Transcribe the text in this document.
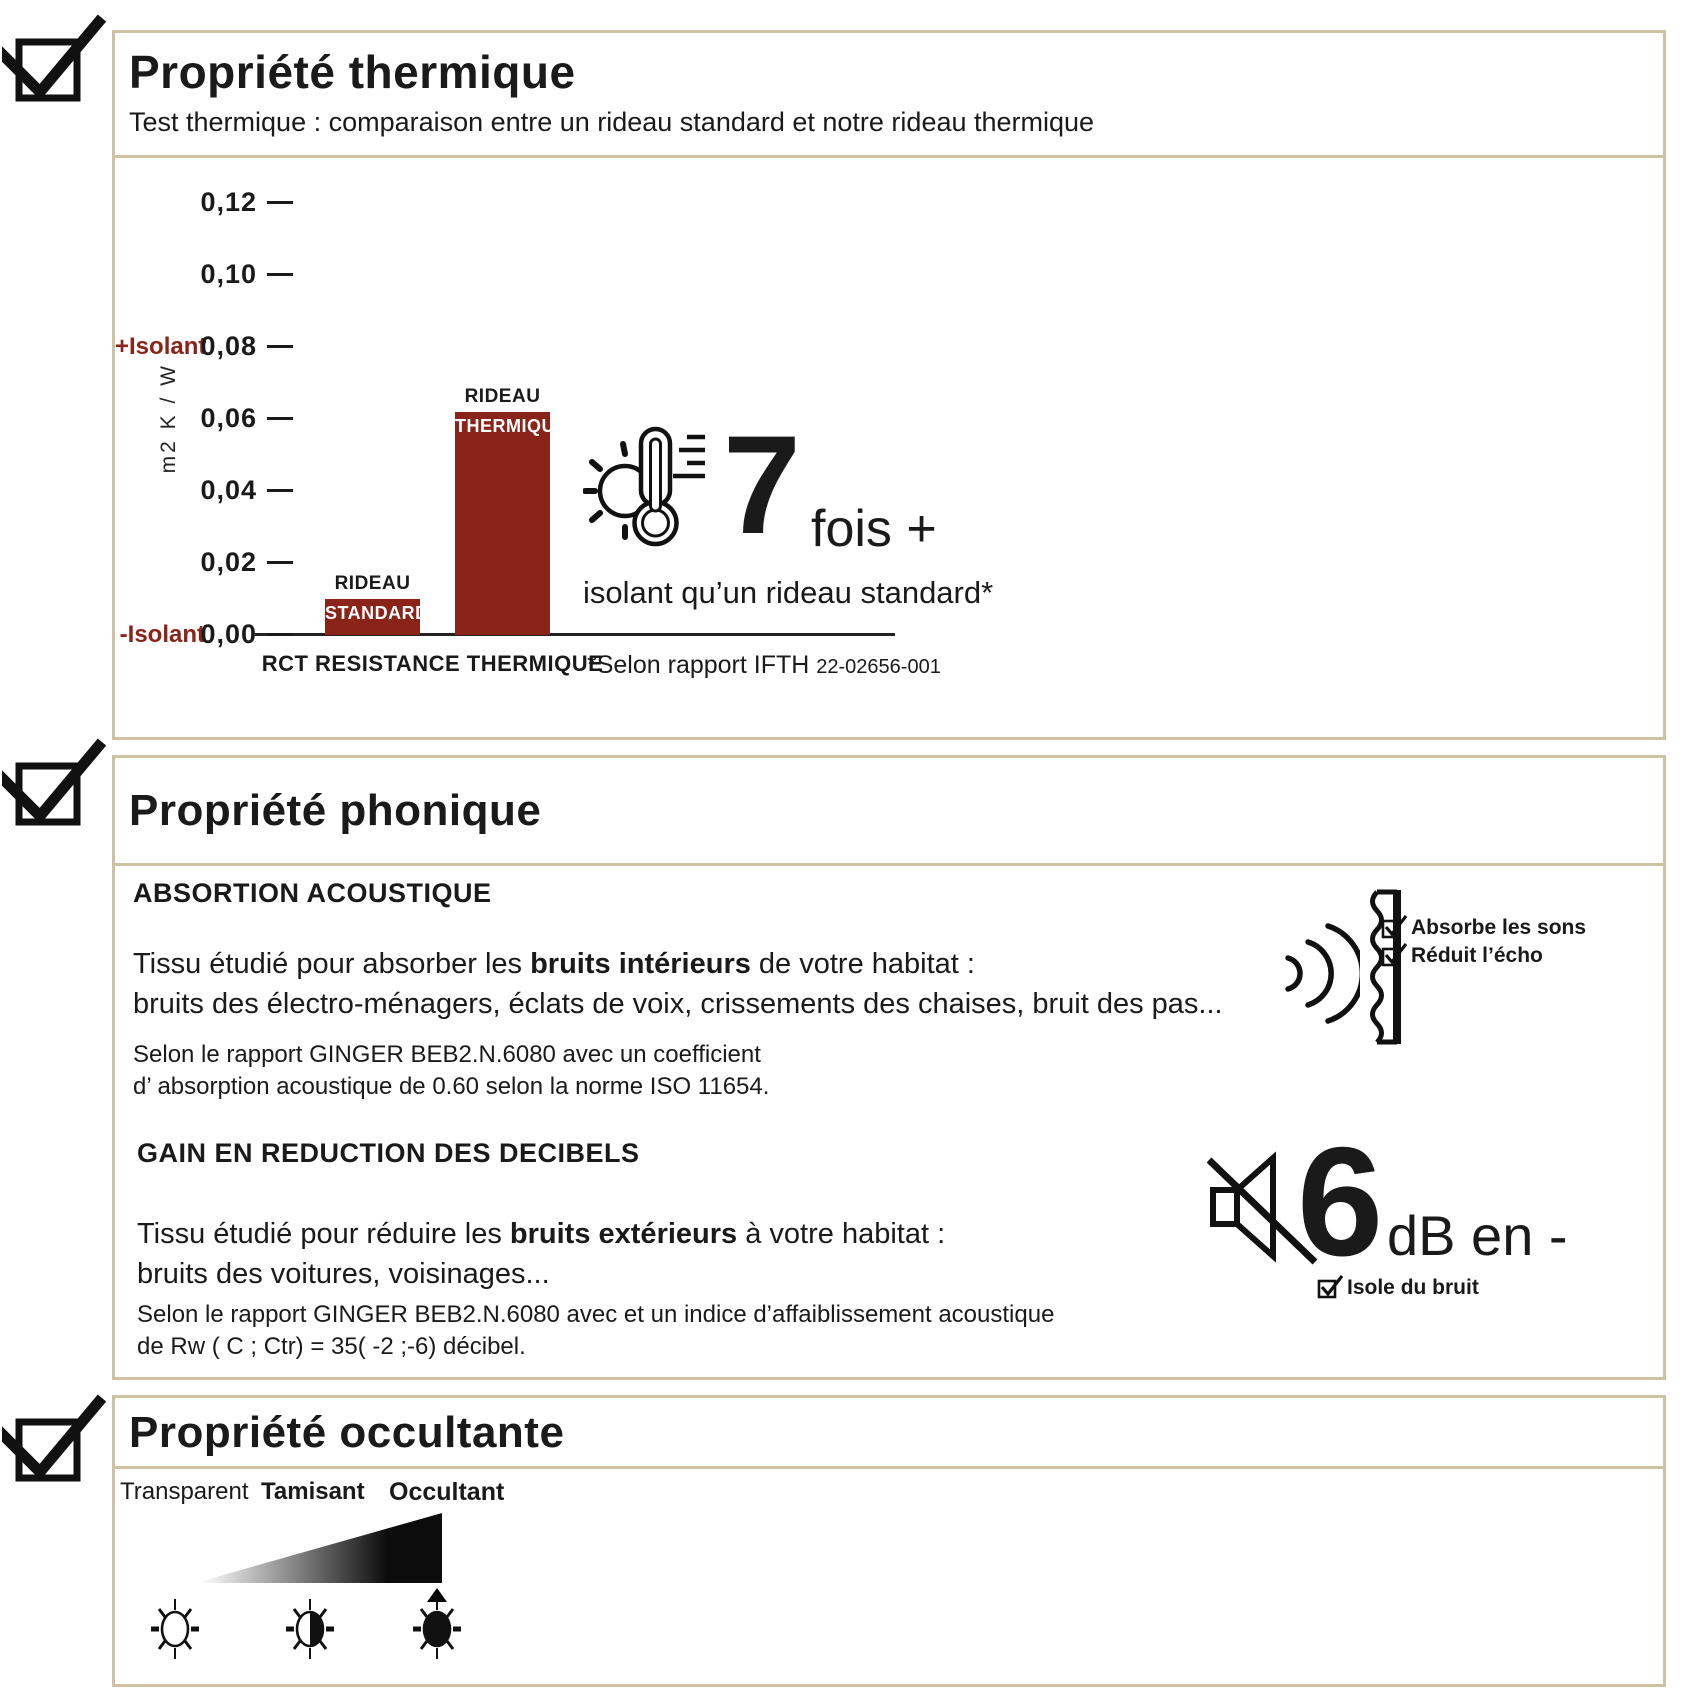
Propriété thermique
Test thermique : comparaison entre un rideau standard et notre rideau thermique
m2 K / W
+Isolant
-Isolant
RCT RESISTANCE THERMIQUE
*Selon rapport IFTH 22-02656-001
7 fois +
isolant qu’un rideau standard*
0,00
0,02
0,04
0,06
0,08
0,10
0,12
STANDARD
RIDEAU
THERMIQUE
RIDEAU
Propriété phonique
ABSORTION ACOUSTIQUE
Tissu étudié pour absorber les bruits intérieurs de votre habitat :
bruits des électro-ménagers, éclats de voix, crissements des chaises, bruit des pas...
Selon le rapport GINGER BEB2.N.6080 avec un coefficient
d’ absorption acoustique de 0.60 selon la norme ISO 11654.
Absorbe les sons
Réduit l’écho
GAIN EN REDUCTION DES DECIBELS
Tissu étudié pour réduire les bruits extérieurs à votre habitat :
bruits des voitures, voisinages...
Selon le rapport GINGER BEB2.N.6080 avec et un indice d’affaiblissement acoustique
de Rw ( C ; Ctr) = 35( -2 ;-6) décibel.
6 dB en -
Isole du bruit
Propriété occultante
Transparent Tamisant Occultant
